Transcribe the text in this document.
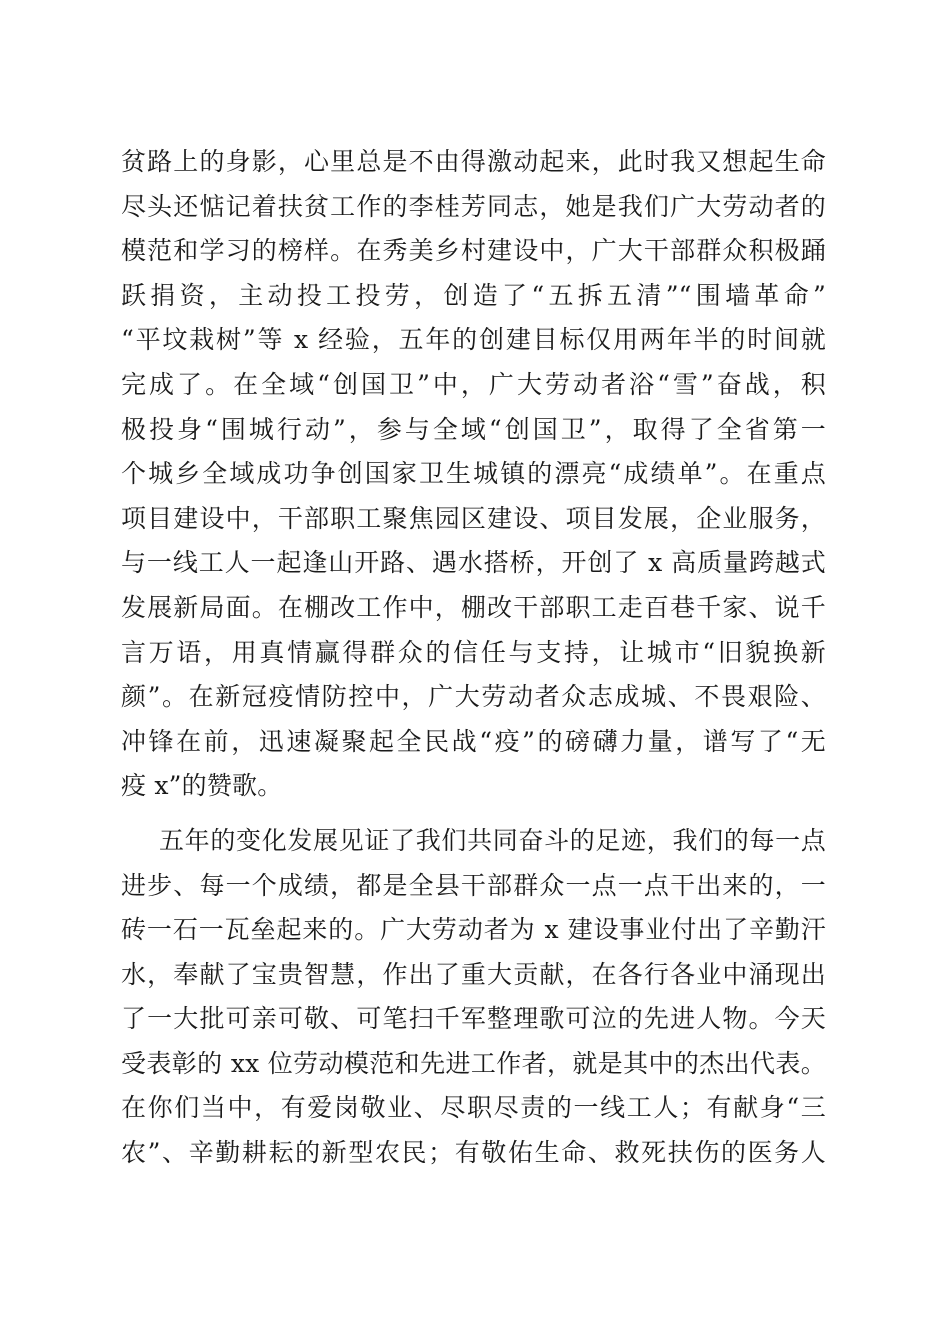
贫路上的身影，心里总是不由得激动起来，此时我又想起生命
尽头还惦记着扶贫工作的李桂芳同志，她是我们广大劳动者的
模范和学习的榜样。在秀美乡村建设中，广大干部群众积极踊
跃捐资，主动投工投劳，创造了“五拆五清”“围墙革命”
“平坟栽树”等 x 经验，五年的创建目标仅用两年半的时间就
完成了。在全域“创国卫”中，广大劳动者浴“雪”奋战，积
极投身“围城行动”，参与全域“创国卫”，取得了全省第一
个城乡全域成功争创国家卫生城镇的漂亮“成绩单”。在重点
项目建设中，干部职工聚焦园区建设、项目发展，企业服务，
与一线工人一起逢山开路、遇水搭桥，开创了 x 高质量跨越式
发展新局面。在棚改工作中，棚改干部职工走百巷千家、说千
言万语，用真情赢得群众的信任与支持，让城市“旧貌换新
颜”。在新冠疫情防控中，广大劳动者众志成城、不畏艰险、
冲锋在前，迅速凝聚起全民战“疫”的磅礴力量，谱写了“无
疫 x”的赞歌。
五年的变化发展见证了我们共同奋斗的足迹，我们的每一点
进步、每一个成绩，都是全县干部群众一点一点干出来的，一
砖一石一瓦垒起来的。广大劳动者为 x 建设事业付出了辛勤汗
水，奉献了宝贵智慧，作出了重大贡献，在各行各业中涌现出
了一大批可亲可敬、可笔扫千军整理歌可泣的先进人物。今天
受表彰的 xx 位劳动模范和先进工作者，就是其中的杰出代表。
在你们当中，有爱岗敬业、尽职尽责的一线工人；有献身“三
农”、辛勤耕耘的新型农民；有敬佑生命、救死扶伤的医务人
